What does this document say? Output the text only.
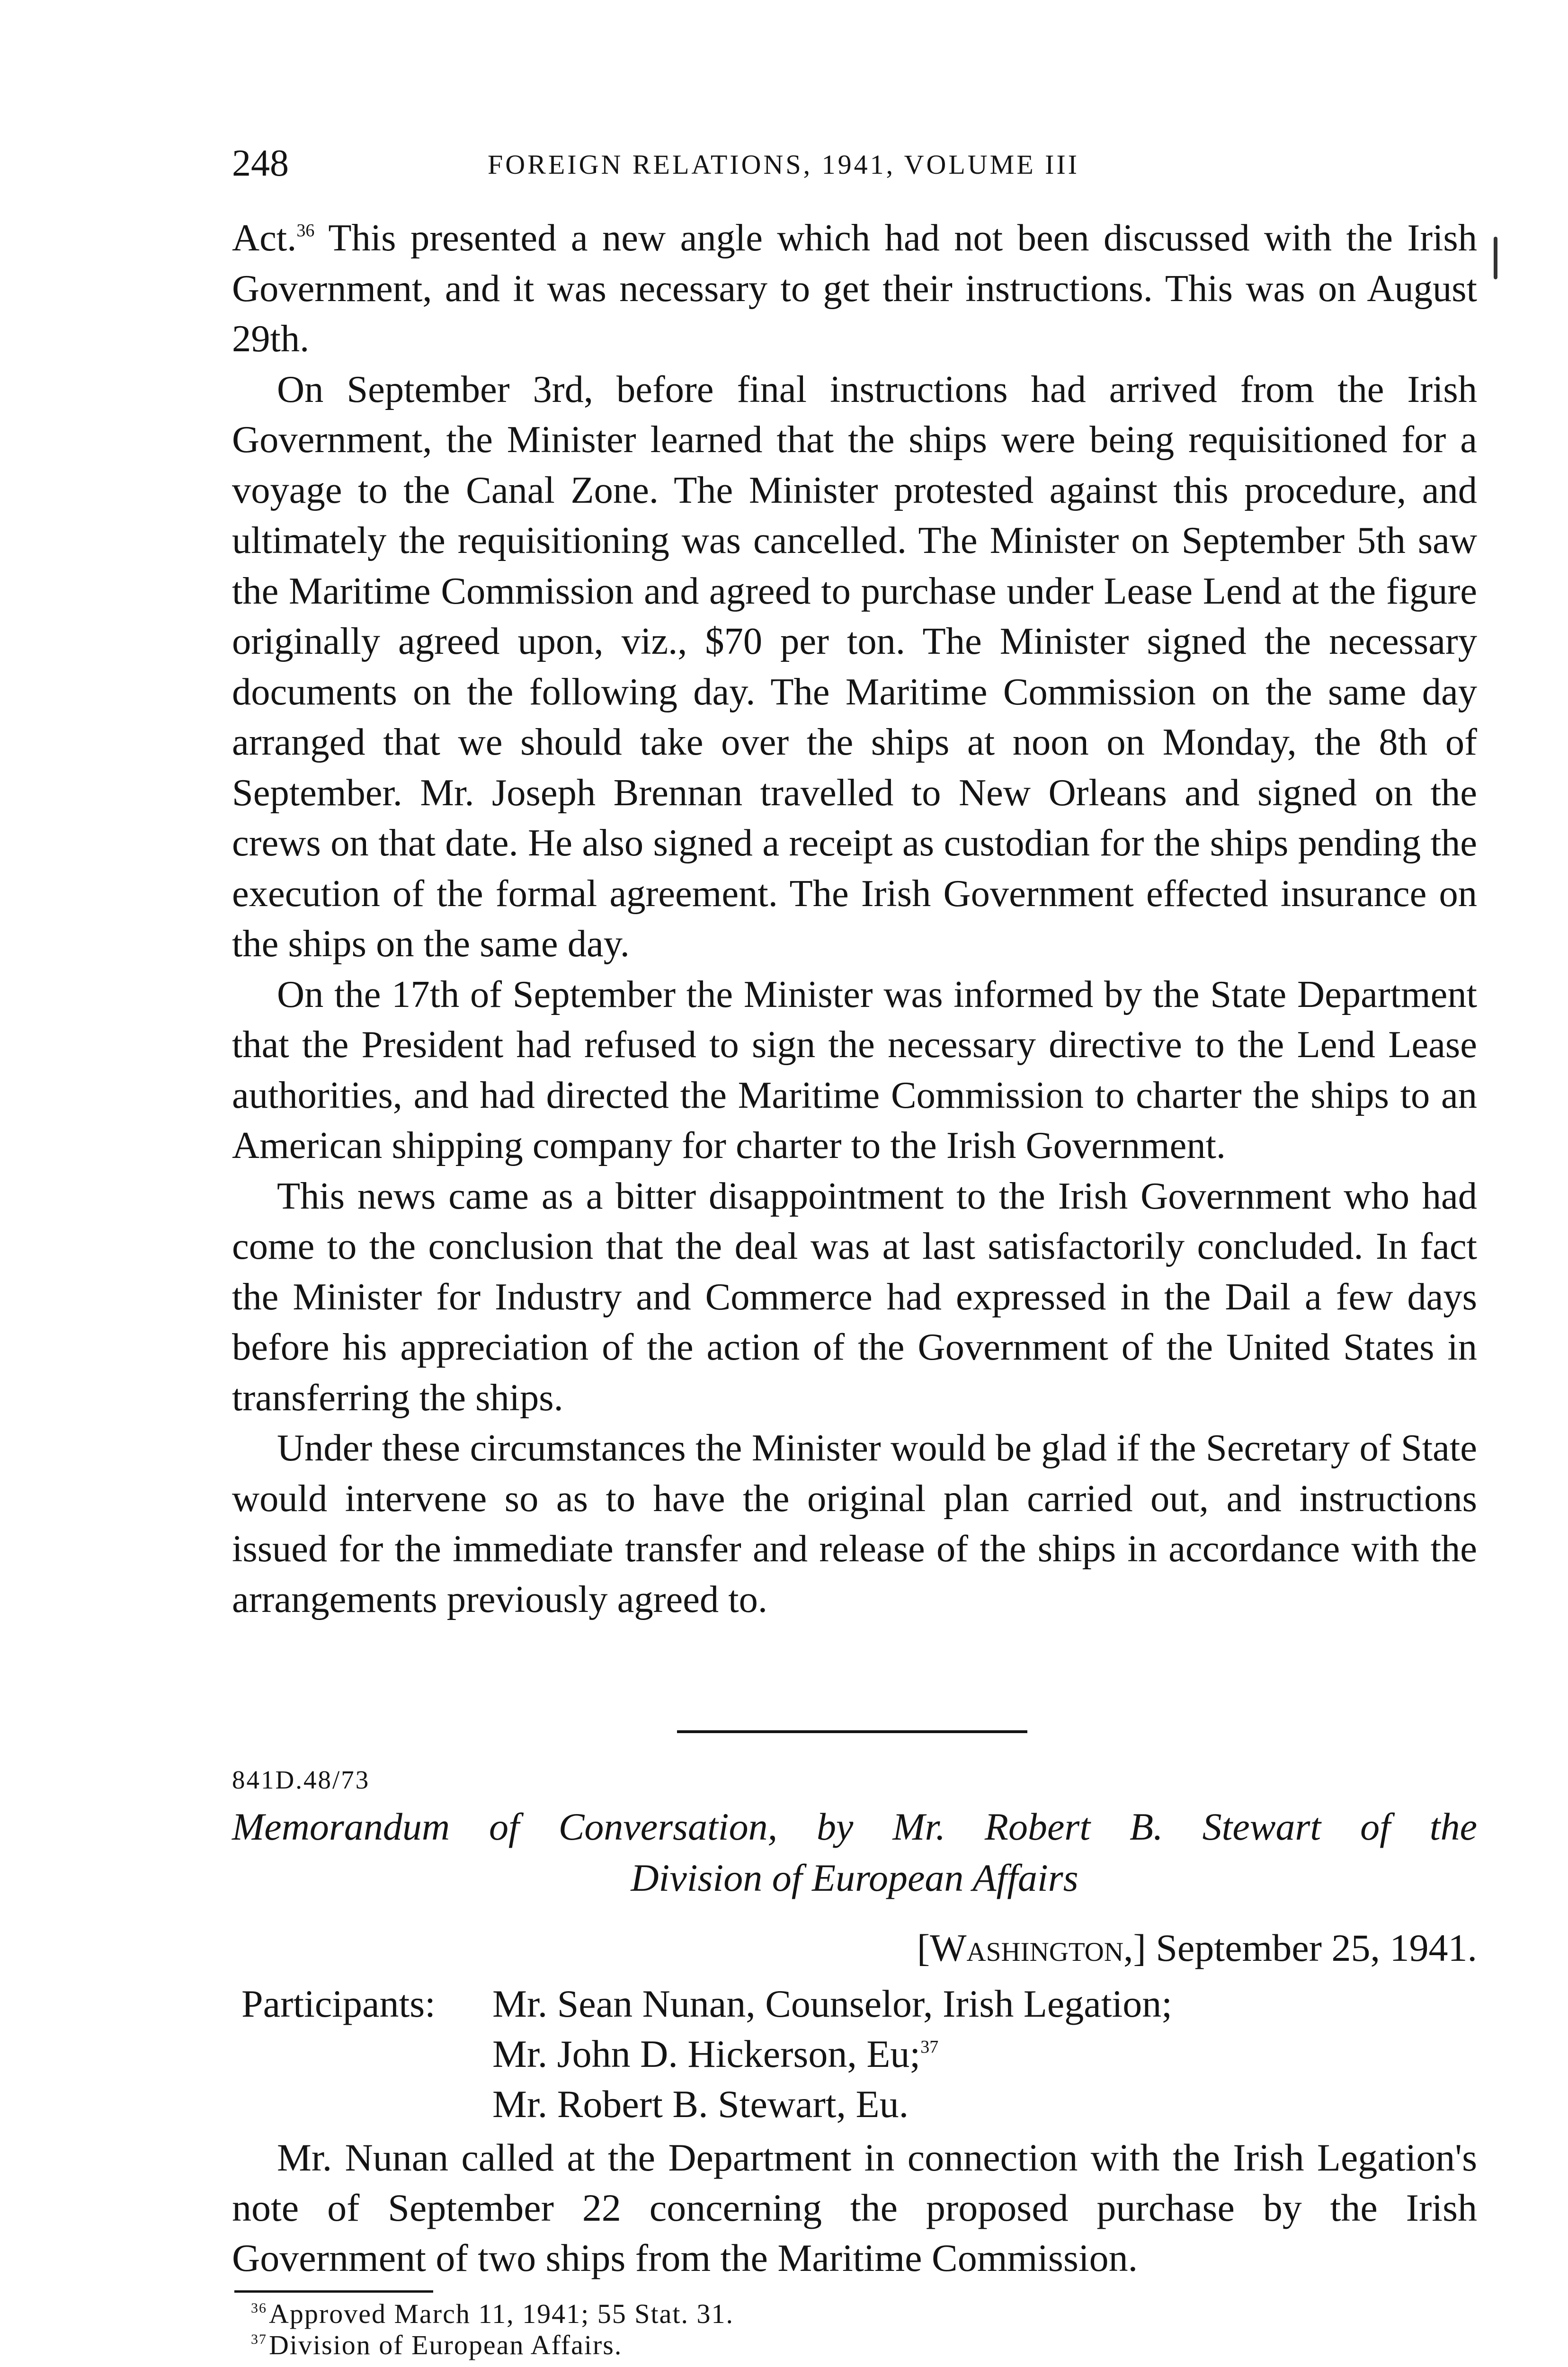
248	FOREIGN RELATIONS, 1941, VOLUME III

Act.$^{36}$ This presented a new angle which had not been discussed with the Irish Government, and it was necessary to get their instructions. This was on August 29th.

On September 3rd, before final instructions had arrived from the Irish Government, the Minister learned that the ships were being requisitioned for a voyage to the Canal Zone. The Minister protested against this procedure, and ultimately the requisitioning was cancelled. The Minister on September 5th saw the Maritime Commission and agreed to purchase under Lease Lend at the figure originally agreed upon, viz., $70 per ton. The Minister signed the necessary documents on the following day. The Maritime Commission on the same day arranged that we should take over the ships at noon on Monday, the 8th of September. Mr. Joseph Brennan travelled to New Orleans and signed on the crews on that date. He also signed a receipt as custodian for the ships pending the execution of the formal agreement. The Irish Government effected insurance on the ships on the same day.

On the 17th of September the Minister was informed by the State Department that the President had refused to sign the necessary directive to the Lend Lease authorities, and had directed the Maritime Commission to charter the ships to an American shipping company for charter to the Irish Government.

This news came as a bitter disappointment to the Irish Government who had come to the conclusion that the deal was at last satisfactorily concluded. In fact the Minister for Industry and Commerce had expressed in the Dail a few days before his appreciation of the action of the Government of the United States in transferring the ships.

Under these circumstances the Minister would be glad if the Secretary of State would intervene so as to have the original plan carried out, and instructions issued for the immediate transfer and release of the ships in accordance with the arrangements previously agreed to.

841D.48/73
Memorandum of Conversation, by Mr. Robert B. Stewart of the
Division of European Affairs
[Washington,] September 25, 1941.
Participants: Mr. Sean Nunan, Counselor, Irish Legation;
Mr. John D. Hickerson, Eu;$^{37}$
Mr. Robert B. Stewart, Eu.

Mr. Nunan called at the Department in connection with the Irish Legation's note of September 22 concerning the proposed purchase by the Irish Government of two ships from the Maritime Commission.

$^{36}$Approved March 11, 1941; 55 Stat. 31.
$^{37}$Division of European Affairs.
